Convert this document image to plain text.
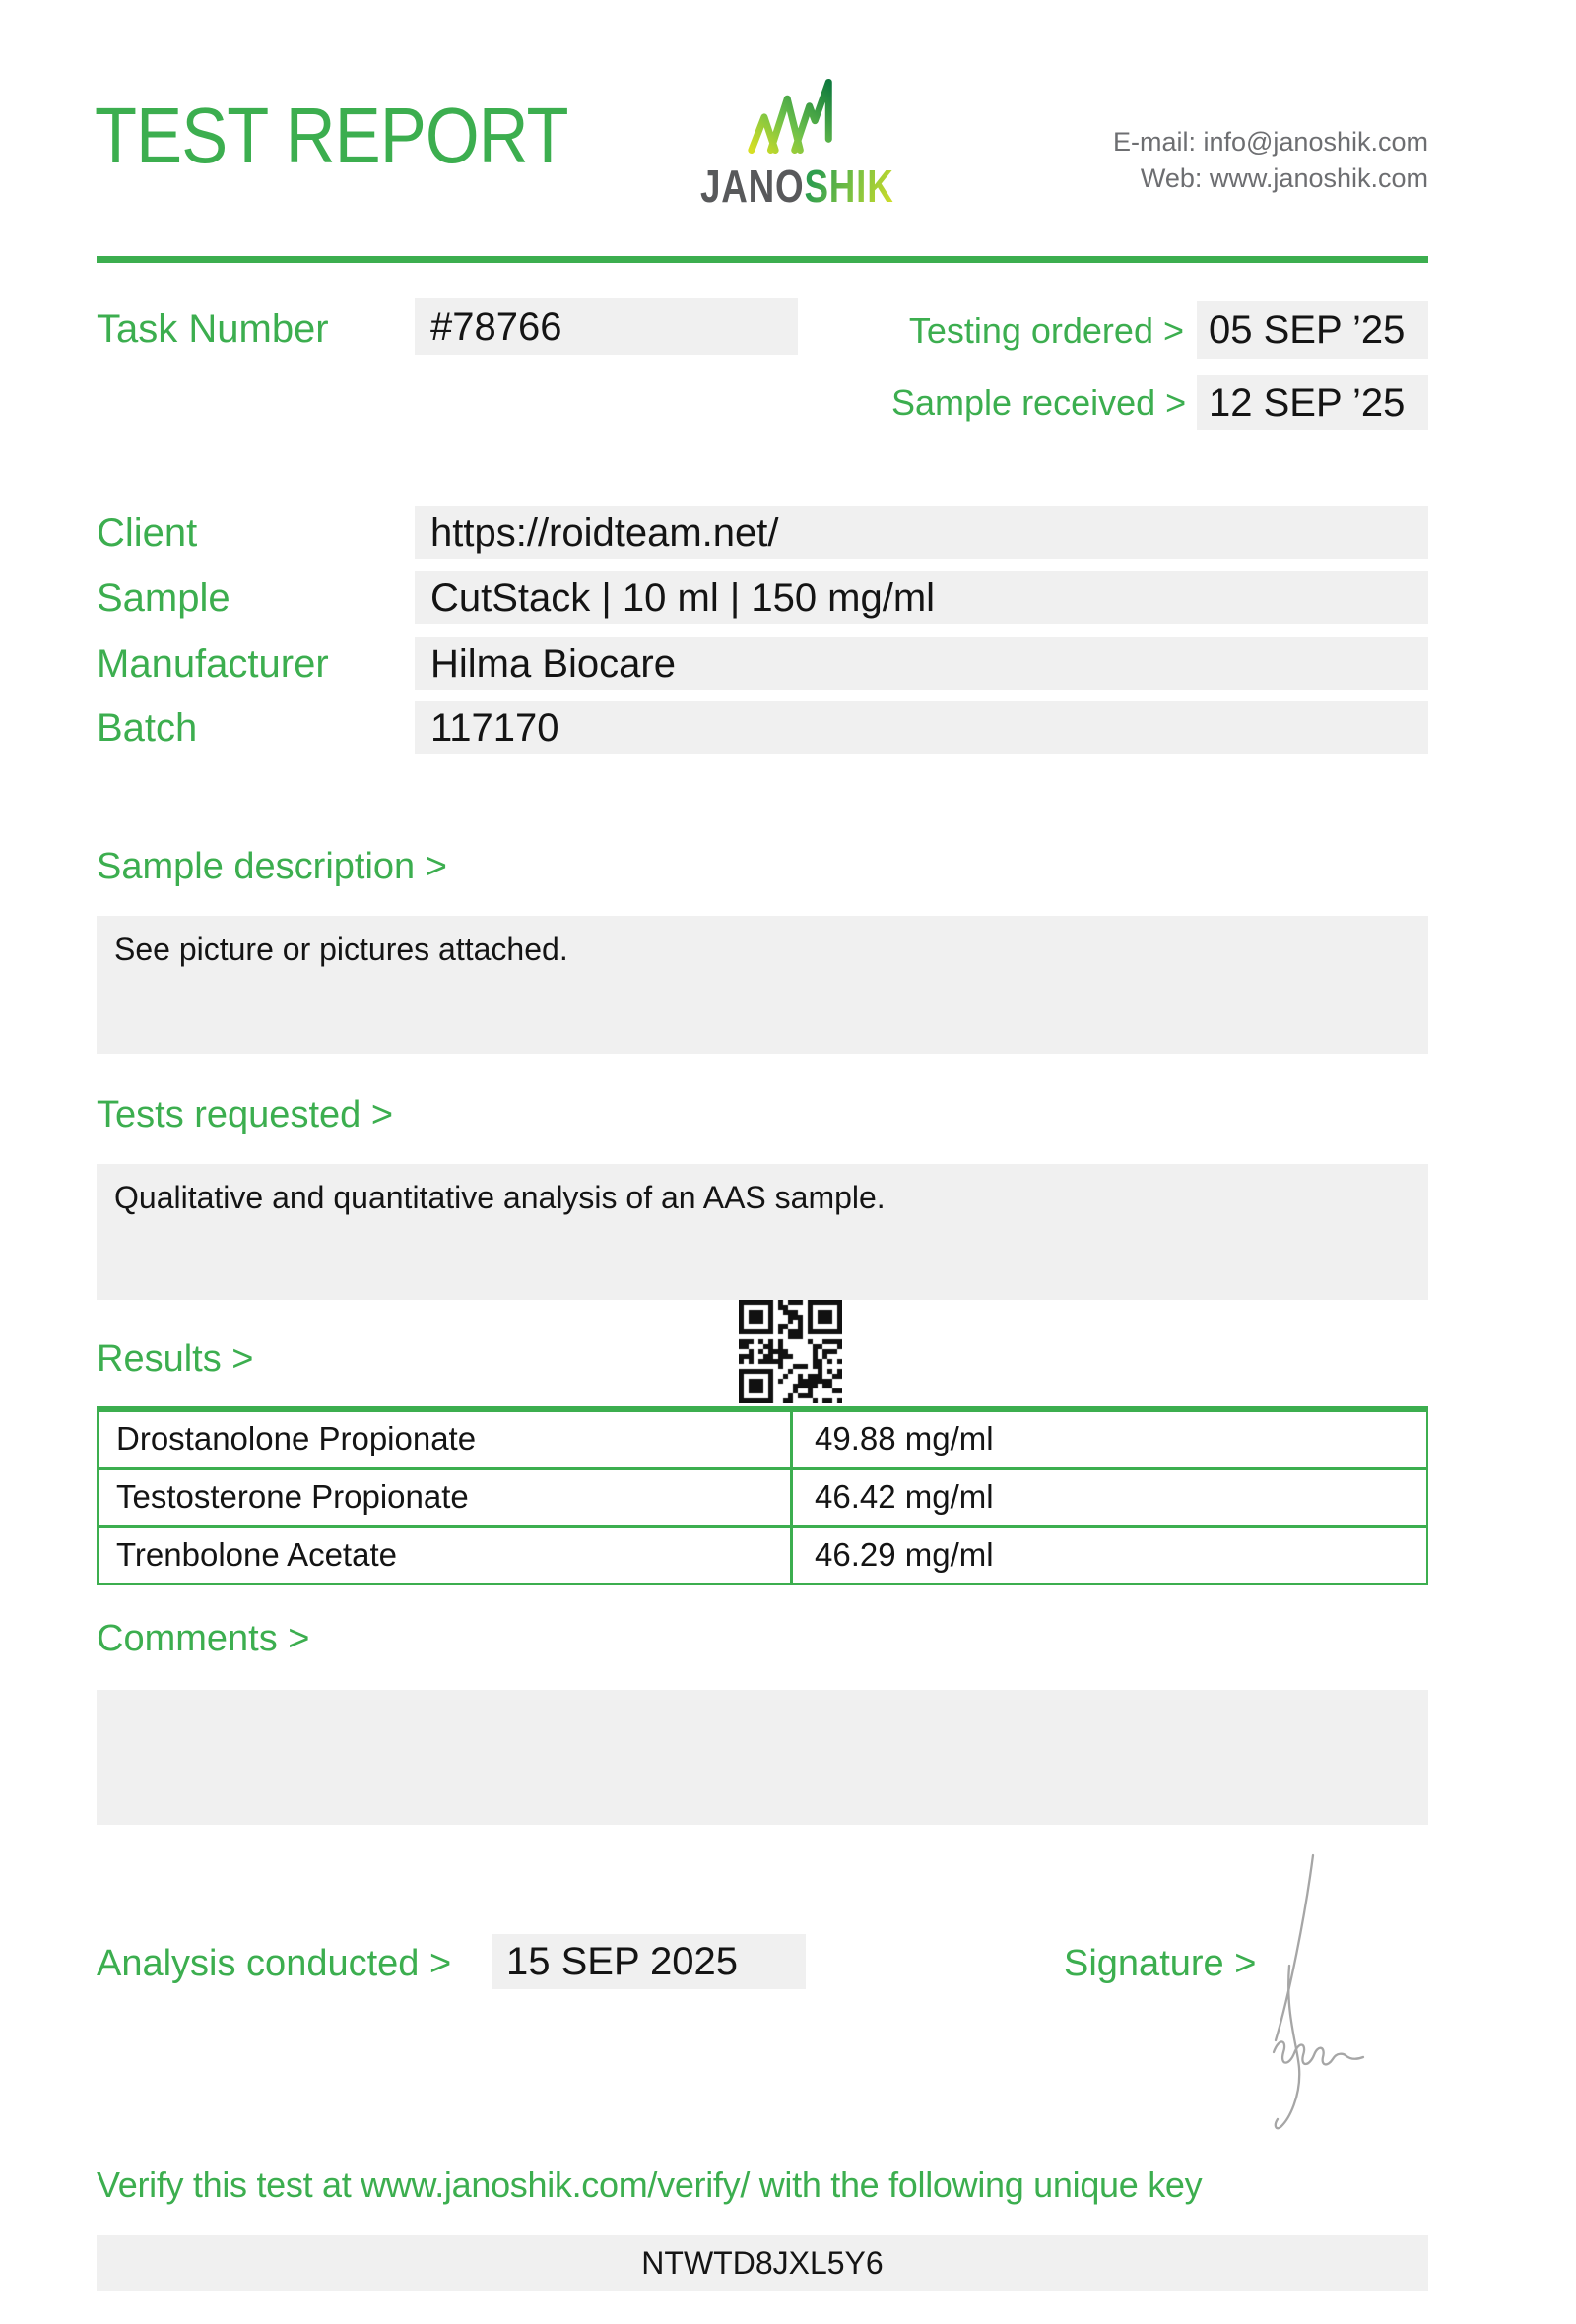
TEST REPORT
JANOSHIK
E-mail: info@janoshik.com
Web: www.janoshik.com
Task Number	#78766	Testing ordered > 05 SEP ’25
Sample received > 12 SEP ’25
Client	https://roidteam.net/
Sample	CutStack | 10 ml | 150 mg/ml
Manufacturer	Hilma Biocare
Batch	117170
Sample description >
See picture or pictures attached.
Tests requested >
Qualitative and quantitative analysis of an AAS sample.
Results >
Drostanolone Propionate	49.88 mg/ml
Testosterone Propionate	46.42 mg/ml
Trenbolone Acetate	46.29 mg/ml
Comments >
Analysis conducted >	15 SEP 2025	Signature >
Verify this test at www.janoshik.com/verify/ with the following unique key
NTWTD8JXL5Y6
